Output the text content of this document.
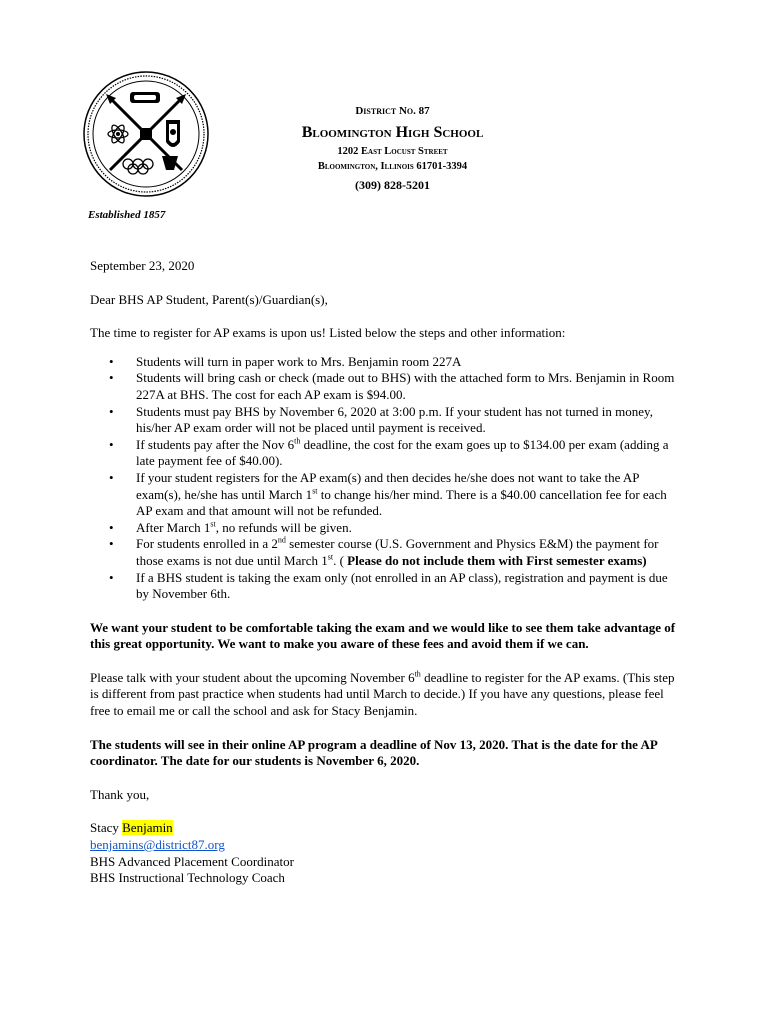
Established 1857
District No. 87
Bloomington High School
1202 East Locust Street
Bloomington, Illinois 61701-3394
(309) 828-5201

September 23, 2020

Dear BHS AP Student, Parent(s)/Guardian(s),

The time to register for AP exams is upon us! Listed below the steps and other information:

• Students will turn in paper work to Mrs. Benjamin room 227A
• Students will bring cash or check (made out to BHS) with the attached form to Mrs. Benjamin in Room 227A at BHS. The cost for each AP exam is $94.00.
• Students must pay BHS by November 6, 2020 at 3:00 p.m. If your student has not turned in money, his/her AP exam order will not be placed until payment is received.
• If students pay after the Nov 6th deadline, the cost for the exam goes up to $134.00 per exam (adding a late payment fee of $40.00).
• If your student registers for the AP exam(s) and then decides he/she does not want to take the AP exam(s), he/she has until March 1st to change his/her mind. There is a $40.00 cancellation fee for each AP exam and that amount will not be refunded.
• After March 1st, no refunds will be given.
• For students enrolled in a 2nd semester course (U.S. Government and Physics E&M) the payment for those exams is not due until March 1st. ( Please do not include them with First semester exams)
• If a BHS student is taking the exam only (not enrolled in an AP class), registration and payment is due by November 6th.

We want your student to be comfortable taking the exam and we would like to see them take advantage of this great opportunity. We want to make you aware of these fees and avoid them if we can.

Please talk with your student about the upcoming November 6th deadline to register for the AP exams. (This step is different from past practice when students had until March to decide.) If you have any questions, please feel free to email me or call the school and ask for Stacy Benjamin.

The students will see in their online AP program a deadline of Nov 13, 2020. That is the date for the AP coordinator. The date for our students is November 6, 2020.

Thank you,

Stacy Benjamin
benjamins@district87.org
BHS Advanced Placement Coordinator
BHS Instructional Technology Coach
